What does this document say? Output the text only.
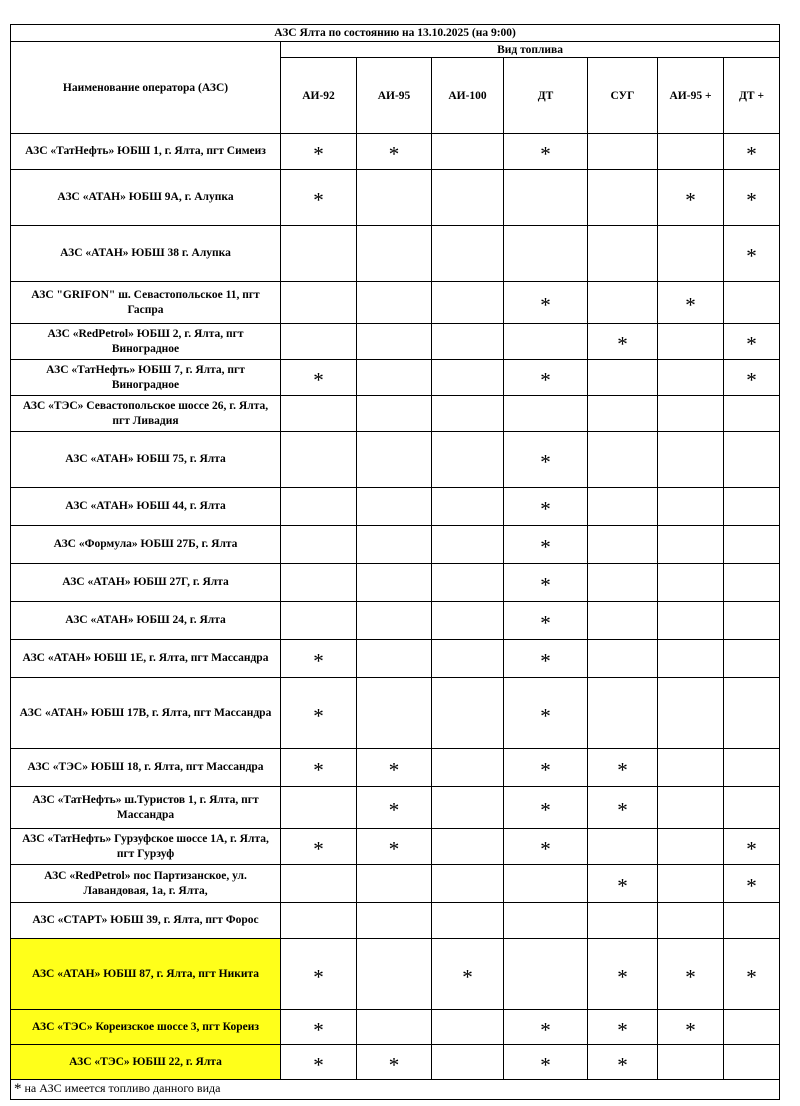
АЗС Ялта по состоянию на 13.10.2025 (на 9:00)							
Наименование оператора (АЗС)	Вид топлива						
	АИ-92	АИ-95	АИ-100	ДТ	СУГ	АИ-95 +	ДТ +
АЗС «ТатНефть» ЮБШ 1, г. Ялта, пгт Симеиз	*	*		*			*
АЗС «АТАН» ЮБШ 9А, г. Алупка	*					*	*
АЗС «АТАН» ЮБШ 38 г. Алупка							*
АЗС "GRIFON" ш. Севастопольское 11, пгт Гаспра				*		*	
АЗС «RedPetrol» ЮБШ 2, г. Ялта, пгт Виноградное					*		*
АЗС «ТатНефть» ЮБШ 7, г. Ялта, пгт Виноградное	*			*			*
АЗС «ТЭС» Севастопольское шоссе 26, г. Ялта, пгт Ливадия							
АЗС «АТАН» ЮБШ 75, г. Ялта				*			
АЗС «АТАН» ЮБШ 44, г. Ялта				*			
АЗС «Формула» ЮБШ 27Б, г. Ялта				*			
АЗС «АТАН» ЮБШ 27Г, г. Ялта				*			
АЗС «АТАН» ЮБШ 24, г. Ялта				*			
АЗС «АТАН» ЮБШ 1Е, г. Ялта, пгт Массандра	*			*			
АЗС «АТАН» ЮБШ 17В, г. Ялта, пгт Массандра	*			*			
АЗС «ТЭС» ЮБШ 18, г. Ялта, пгт Массандра	*	*		*	*		
АЗС «ТатНефть» ш.Туристов 1, г. Ялта, пгт Массандра		*		*	*		
АЗС «ТатНефть» Гурзуфское шоссе 1А, г. Ялта, пгт Гурзуф	*	*		*			*
АЗС «RedPetrol» пос Партизанское, ул. Лавандовая, 1а, г. Ялта,					*		*
АЗС «СТАРТ» ЮБШ 39, г. Ялта, пгт Форос							
АЗС «АТАН» ЮБШ 87, г. Ялта, пгт Никита	*		*		*	*	*
АЗС «ТЭС» Кореизское шоссе 3, пгт Кореиз	*			*	*	*	
АЗС «ТЭС» ЮБШ 22, г. Ялта	*	*		*	*		
* на АЗС имеется топливо данного вида							
